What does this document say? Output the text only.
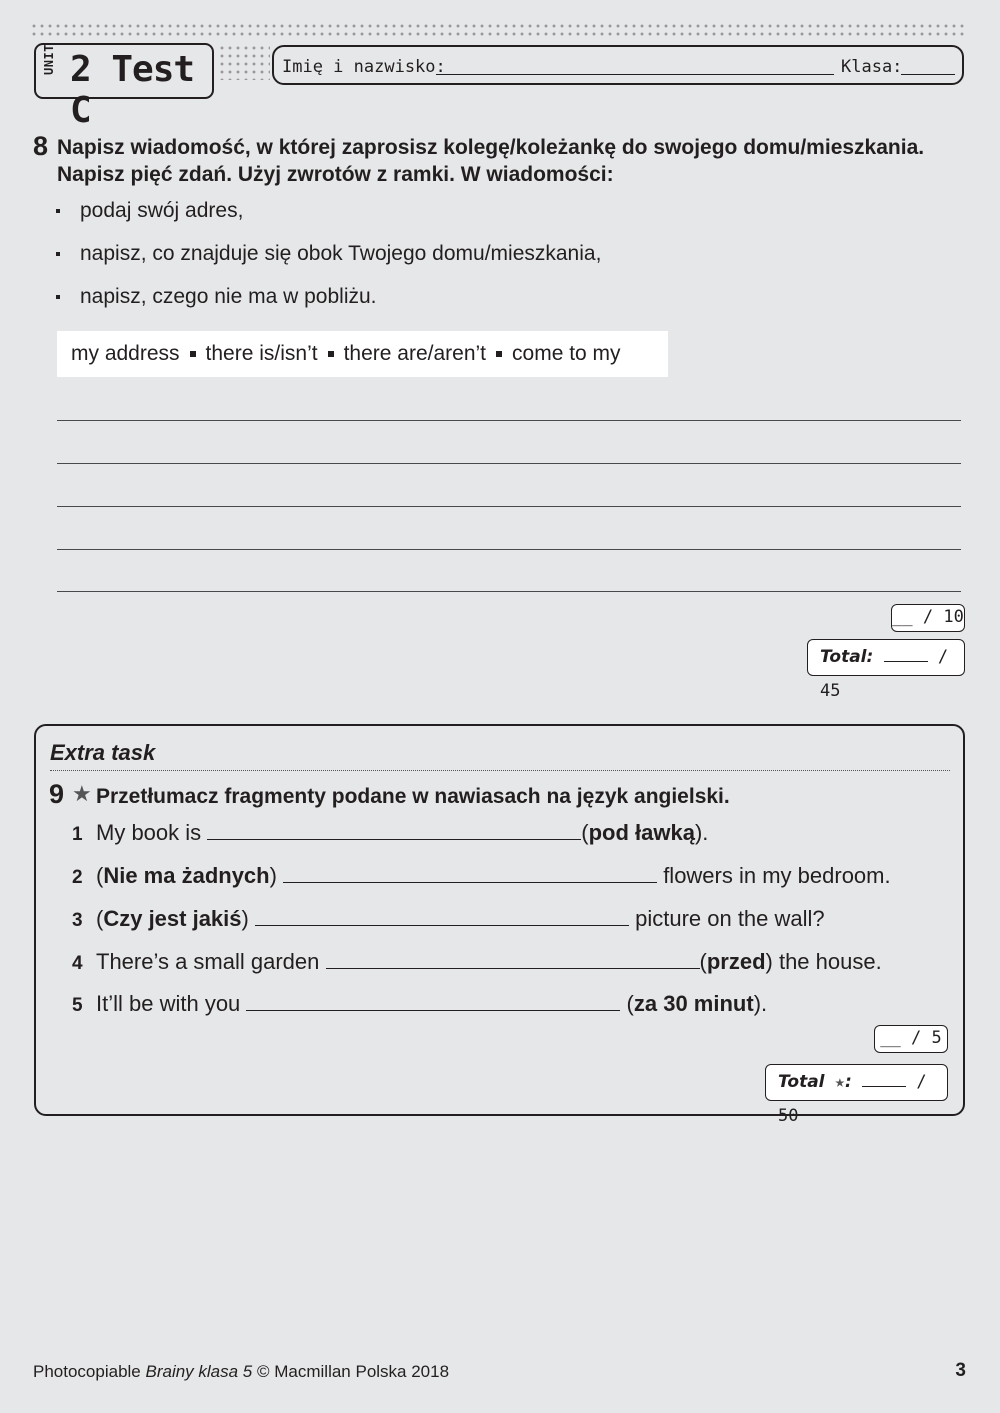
UNIT 2 Test C
Imię i nazwisko:	Klasa:
8 Napisz wiadomość, w której zaprosisz kolegę/koleżankę do swojego domu/mieszkania.
Napisz pięć zdań. Użyj zwrotów z ramki. W wiadomości:
podaj swój adres,
napisz, co znajduje się obok Twojego domu/mieszkania,
napisz, czego nie ma w pobliżu.
my address there is/isn’t there are/aren’t come to my
__ / 10
Total:	/ 45
Extra task
9 ★ Przetłumacz fragmenty podane w nawiasach na język angielski.
1 My book is	(pod ławką).
2 (Nie ma żadnych)	flowers in my bedroom.
3 (Czy jest jakiś)	picture on the wall?
4 There’s a small garden	(przed) the house.
5 It’ll be with you	(za 30 minut).
__ / 5
Total ★:	/ 50
Photocopiable Brainy klasa 5 © Macmillan Polska 2018	3
